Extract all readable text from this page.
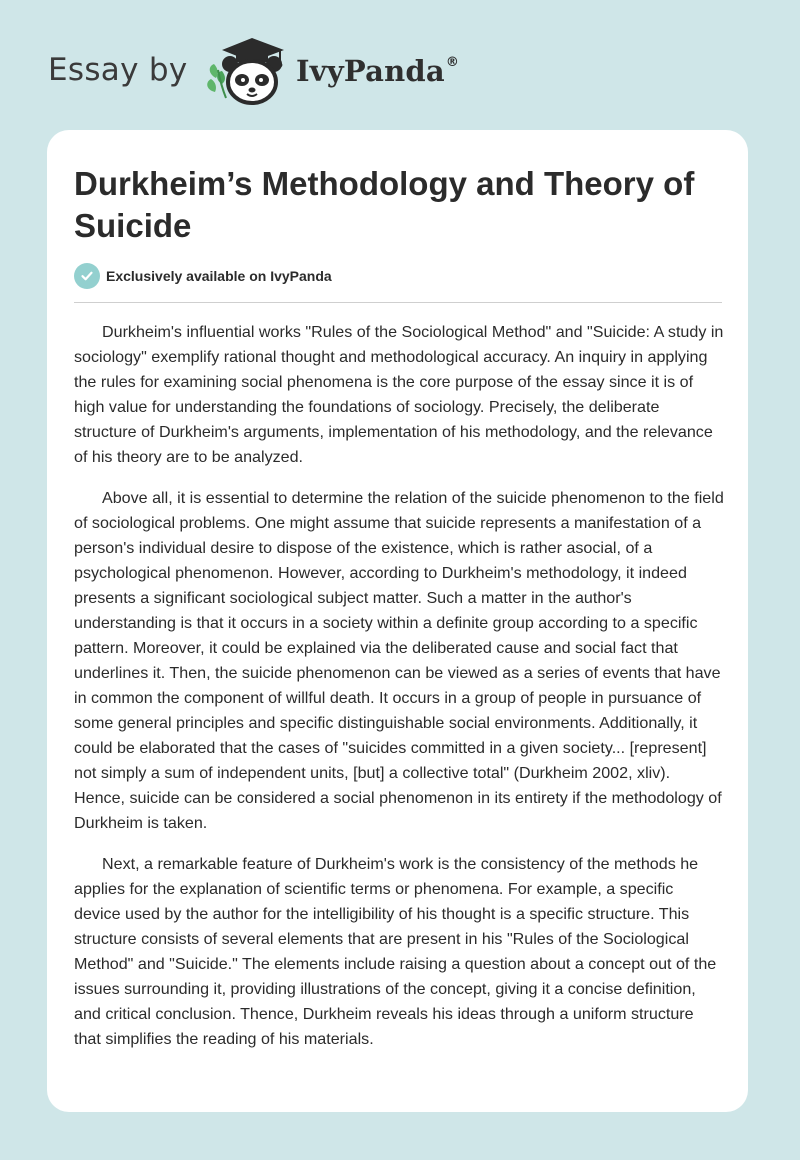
Essay by	IvyPanda®
Durkheim’s Methodology and Theory of Suicide
Exclusively available on IvyPanda

Durkheim's influential works "Rules of the Sociological Method" and "Suicide: A study in sociology" exemplify rational thought and methodological accuracy. An inquiry in applying the rules for examining social phenomena is the core purpose of the essay since it is of high value for understanding the foundations of sociology. Precisely, the deliberate structure of Durkheim's arguments, implementation of his methodology, and the relevance of his theory are to be analyzed.

Above all, it is essential to determine the relation of the suicide phenomenon to the field of sociological problems. One might assume that suicide represents a manifestation of a person's individual desire to dispose of the existence, which is rather asocial, of a psychological phenomenon. However, according to Durkheim's methodology, it indeed presents a significant sociological subject matter. Such a matter in the author's understanding is that it occurs in a society within a definite group according to a specific pattern. Moreover, it could be explained via the deliberated cause and social fact that underlines it. Then, the suicide phenomenon can be viewed as a series of events that have in common the component of willful death. It occurs in a group of people in pursuance of some general principles and specific distinguishable social environments. Additionally, it could be elaborated that the cases of "suicides committed in a given society... [represent] not simply a sum of independent units, [but] a collective total" (Durkheim 2002, xliv). Hence, suicide can be considered a social phenomenon in its entirety if the methodology of Durkheim is taken.

Next, a remarkable feature of Durkheim's work is the consistency of the methods he applies for the explanation of scientific terms or phenomena. For example, a specific device used by the author for the intelligibility of his thought is a specific structure. This structure consists of several elements that are present in his "Rules of the Sociological Method" and "Suicide." The elements include raising a question about a concept out of the issues surrounding it, providing illustrations of the concept, giving it a concise definition, and critical conclusion. Thence, Durkheim reveals his ideas through a uniform structure that simplifies the reading of his materials.
